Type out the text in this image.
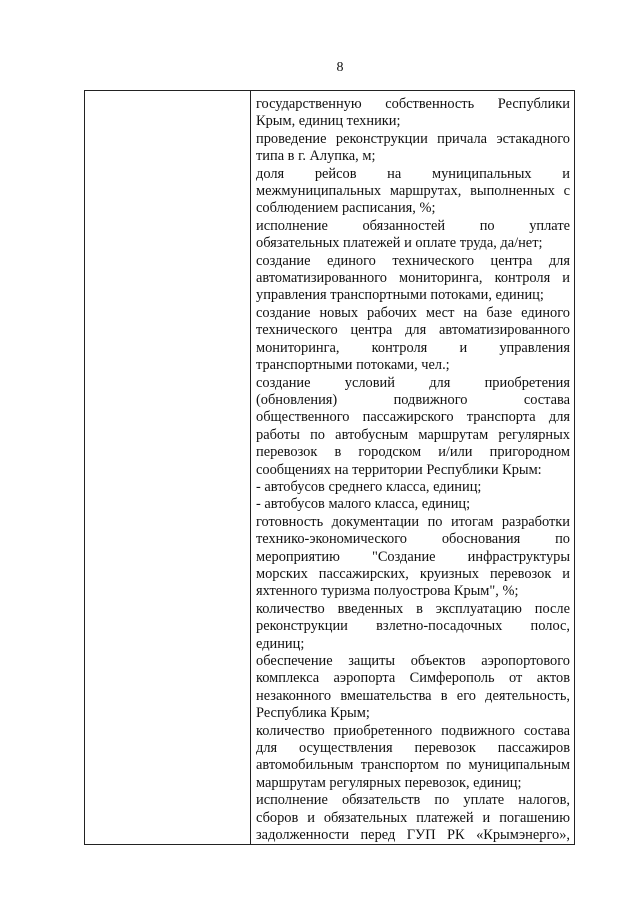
8

государственную собственность Республики
Крым, единиц техники;
проведение реконструкции причала эстакадного
типа в г. Алупка, м;
доля рейсов на муниципальных и
межмуниципальных маршрутах, выполненных с
соблюдением расписания, %;
исполнение обязанностей по уплате
обязательных платежей и оплате труда, да/нет;
создание единого технического центра для
автоматизированного мониторинга, контроля и
управления транспортными потоками, единиц;
создание новых рабочих мест на базе единого
технического центра для автоматизированного
мониторинга, контроля и управления
транспортными потоками, чел.;
создание условий для приобретения
(обновления) подвижного состава
общественного пассажирского транспорта для
работы по автобусным маршрутам регулярных
перевозок в городском и/или пригородном
сообщениях на территории Республики Крым:
- автобусов среднего класса, единиц;
- автобусов малого класса, единиц;
готовность документации по итогам разработки
технико-экономического обоснования по
мероприятию "Создание инфраструктуры
морских пассажирских, круизных перевозок и
яхтенного туризма полуострова Крым", %;
количество введенных в эксплуатацию после
реконструкции взлетно-посадочных полос,
единиц;
обеспечение защиты объектов аэропортового
комплекса аэропорта Симферополь от актов
незаконного вмешательства в его деятельность,
Республика Крым;
количество приобретенного подвижного состава
для осуществления перевозок пассажиров
автомобильным транспортом по муниципальным
маршрутам регулярных перевозок, единиц;
исполнение обязательств по уплате налогов,
сборов и обязательных платежей и погашению
задолженности перед ГУП РК «Крымэнерго»,
